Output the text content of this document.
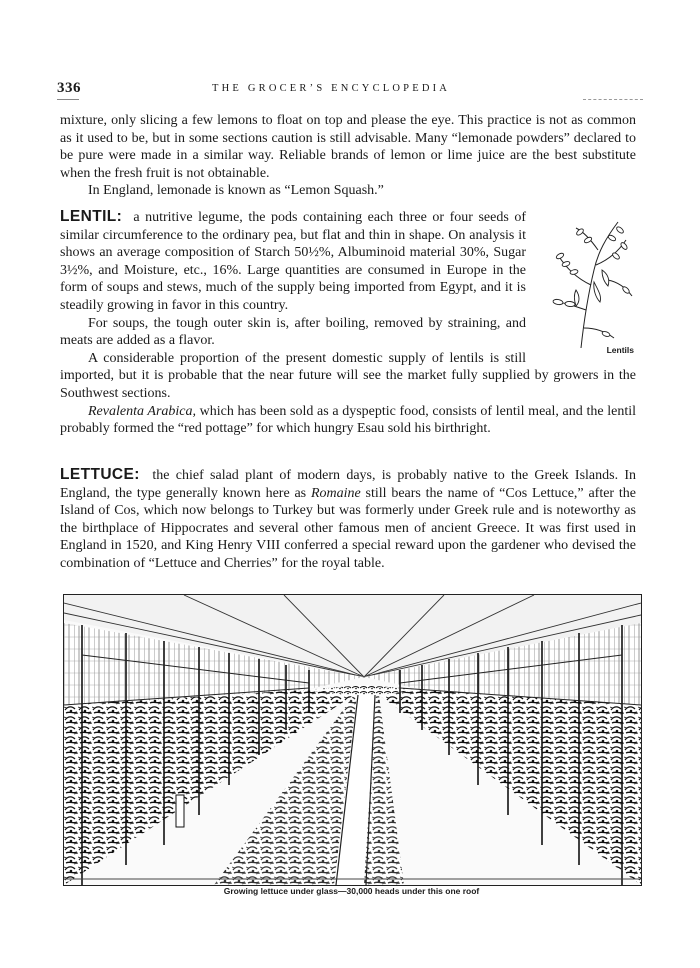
336	THE GROCER’S ENCYCLOPEDIA

mixture, only slicing a few lemons to float on top and please the eye. This practice is not as common as it used to be, but in some sections caution is still advisable. Many “lemonade powders” declared to be pure were made in a similar way. Reliable brands of lemon or lime juice are the best substitute when the fresh fruit is not obtainable.

In England, lemonade is known as “Lemon Squash.”

Lentils

LENTIL: a nutritive legume, the pods containing each three or four seeds of similar circumference to the ordinary pea, but flat and thin in shape. On analysis it shows an average composition of Starch 50½%, Albuminoid material 30%, Sugar 3½%, and Moisture, etc., 16%. Large quantities are consumed in Europe in the form of soups and stews, much of the supply being imported from Egypt, and it is steadily growing in favor in this country.

For soups, the tough outer skin is, after boiling, removed by straining, and meats are added as a flavor.

A considerable proportion of the present domestic supply of lentils is still imported, but it is probable that the near future will see the market fully supplied by growers in the Southwest sections.

Revalenta Arabica, which has been sold as a dyspeptic food, consists of lentil meal, and the lentil probably formed the “red pottage” for which hungry Esau sold his birthright.

LETTUCE: the chief salad plant of modern days, is probably native to the Greek Islands. In England, the type generally known here as Romaine still bears the name of “Cos Lettuce,” after the Island of Cos, which now belongs to Turkey but was formerly under Greek rule and is noteworthy as the birthplace of Hippocrates and several other famous men of ancient Greece. It was first used in England in 1520, and King Henry VIII conferred a special reward upon the gardener who devised the combination of “Lettuce and Cherries” for the royal table.

Growing lettuce under glass—30,000 heads under this one roof
